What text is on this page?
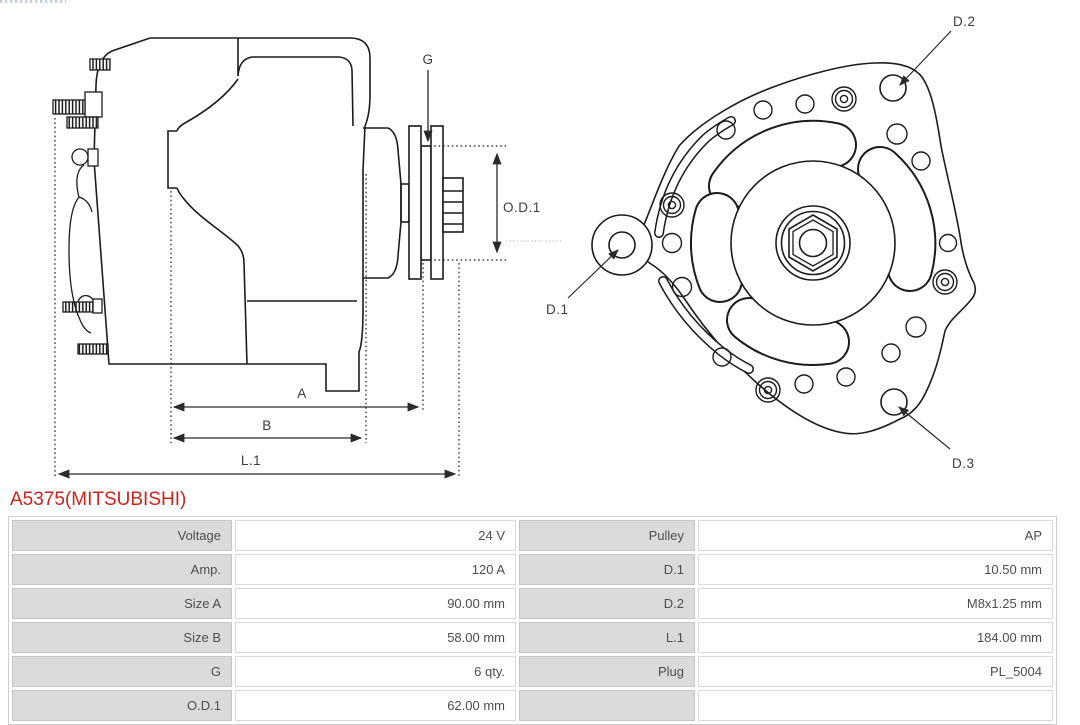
G
O.D.1
A
B
L.1
D.2
D.1
D.3
A5375(MITSUBISHI)
Voltage	24 V	Pulley	AP
Amp.	120 A	D.1	10.50 mm
Size A	90.00 mm	D.2	M8x1.25 mm
Size B	58.00 mm	L.1	184.00 mm
G	6 qty.	Plug	PL_5004
O.D.1	62.00 mm		
